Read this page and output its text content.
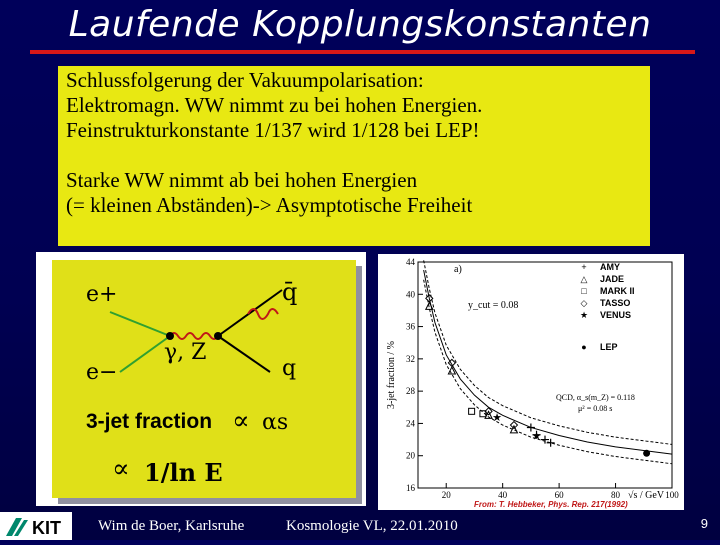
Laufende Kopplungskonstanten
Schlussfolgerung der Vakuumpolarisation:
Elektromagn. WW nimmt zu bei hohen Energien.
Feinstrukturkonstante 1/137 wird 1/128 bei LEP!
Starke WW nimmt ab bei hohen Energien
(= kleinen Abständen)-> Asymptotische Freiheit
e+
e−
q̄
q
γ, Z
3-jet fraction ∝ αs
∝ 1/ln E
20	40	60	80	100
16
20
24
28
32
36
40
44
3-jet fraction / %
√s / GeV
★
★
+ AMY
△ JADE
□ MARK II
◇ TASSO
★ VENUS
● LEP
a)
y_cut = 0.08
QCD, α_s(m_Z) = 0.118
μ² = 0.08 s
From: T. Hebbeker, Phys. Rep. 217(1992)
KIT Wim de Boer, Karlsruhe	Kosmologie VL, 22.01.2010	9
